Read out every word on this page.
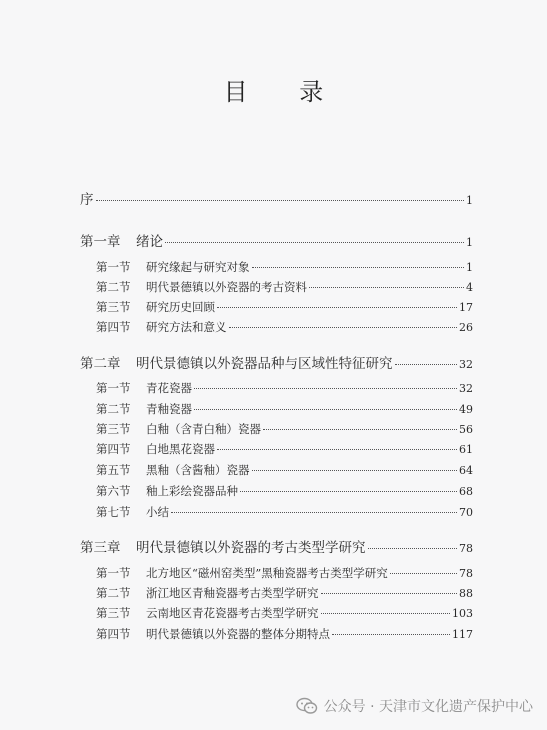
目 录
序	1
第一章	绪论	1
第一节	研究缘起与研究对象	1
第二节	明代景德镇以外瓷器的考古资料	4
第三节	研究历史回顾	17
第四节	研究方法和意义	26
第二章	明代景德镇以外瓷器品种与区域性特征研究	32
第一节	青花瓷器	32
第二节	青釉瓷器	49
第三节	白釉（含青白釉）瓷器	56
第四节	白地黑花瓷器	61
第五节	黑釉（含酱釉）瓷器	64
第六节	釉上彩绘瓷器品种	68
第七节	小结	70
第三章	明代景德镇以外瓷器的考古类型学研究	78
第一节	北方地区“磁州窑类型”黑釉瓷器考古类型学研究	78
第二节	浙江地区青釉瓷器考古类型学研究	88
第三节	云南地区青花瓷器考古类型学研究	103
第四节	明代景德镇以外瓷器的整体分期特点	117
公众号 · 天津市文化遗产保护中心
